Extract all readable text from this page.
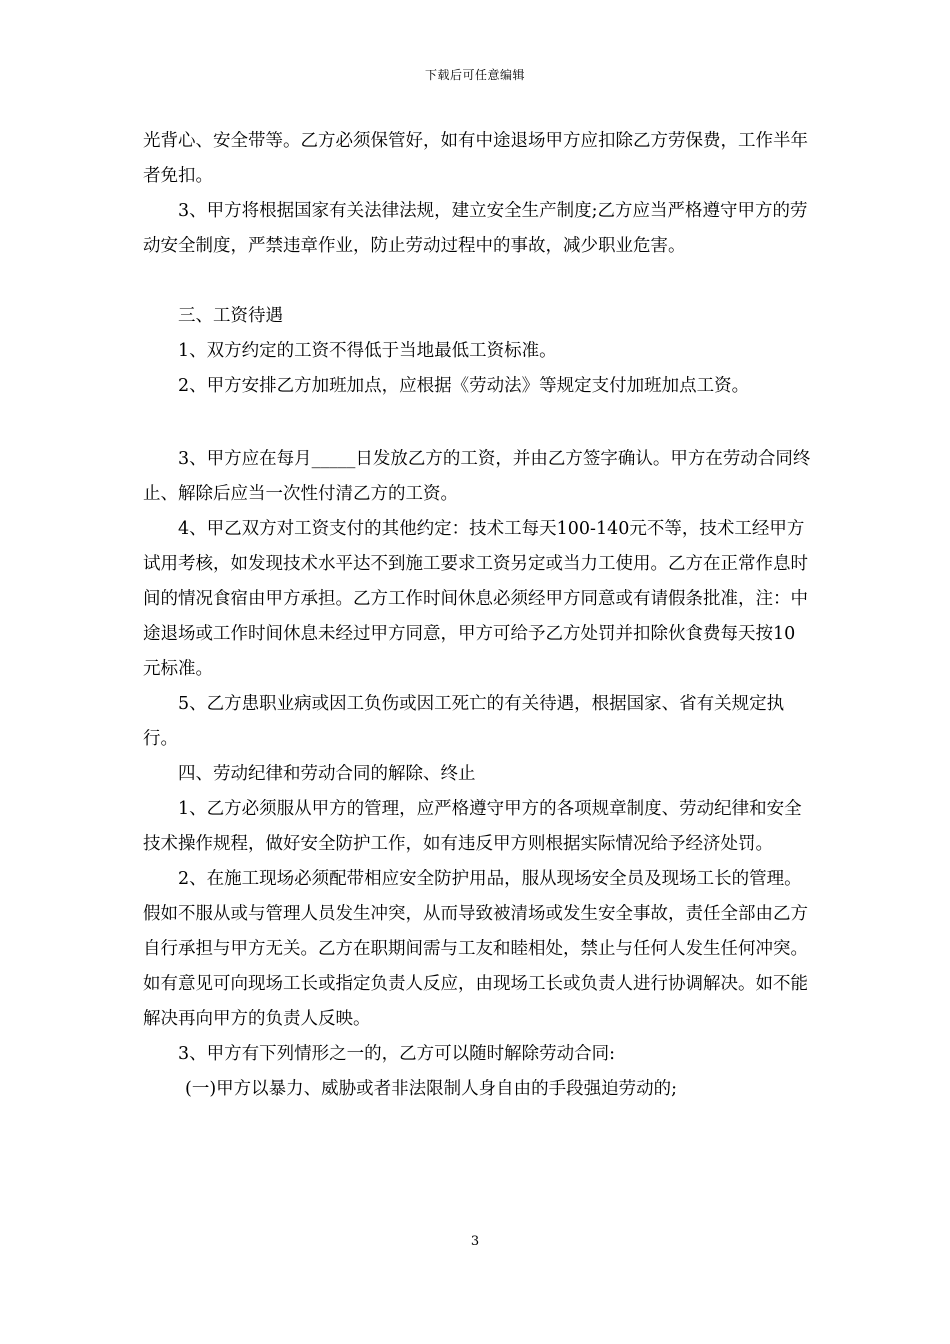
下载后可任意编辑

光背心、安全带等。乙方必须保管好，如有中途退场甲方应扣除乙方劳保费，工作半年者免扣。

3、甲方将根据国家有关法律法规，建立安全生产制度;乙方应当严格遵守甲方的劳动安全制度，严禁违章作业，防止劳动过程中的事故，减少职业危害。

三、工资待遇

1、双方约定的工资不得低于当地最低工资标准。

2、甲方安排乙方加班加点，应根据《劳动法》等规定支付加班加点工资。

3、甲方应在每月_____日发放乙方的工资，并由乙方签字确认。甲方在劳动合同终止、解除后应当一次性付清乙方的工资。

4、甲乙双方对工资支付的其他约定：技术工每天100-140元不等，技术工经甲方试用考核，如发现技术水平达不到施工要求工资另定或当力工使用。乙方在正常作息时间的情况食宿由甲方承担。乙方工作时间休息必须经甲方同意或有请假条批准，注：中途退场或工作时间休息未经过甲方同意，甲方可给予乙方处罚并扣除伙食费每天按10元标准。

5、乙方患职业病或因工负伤或因工死亡的有关待遇，根据国家、省有关规定执行。

四、劳动纪律和劳动合同的解除、终止

1、乙方必须服从甲方的管理，应严格遵守甲方的各项规章制度、劳动纪律和安全技术操作规程，做好安全防护工作，如有违反甲方则根据实际情况给予经济处罚。

2、在施工现场必须配带相应安全防护用品，服从现场安全员及现场工长的管理。假如不服从或与管理人员发生冲突，从而导致被清场或发生安全事故，责任全部由乙方自行承担与甲方无关。乙方在职期间需与工友和睦相处，禁止与任何人发生任何冲突。如有意见可向现场工长或指定负责人反应，由现场工长或负责人进行协调解决。如不能解决再向甲方的负责人反映。

3、甲方有下列情形之一的，乙方可以随时解除劳动合同:

(一)甲方以暴力、威胁或者非法限制人身自由的手段强迫劳动的;

3
